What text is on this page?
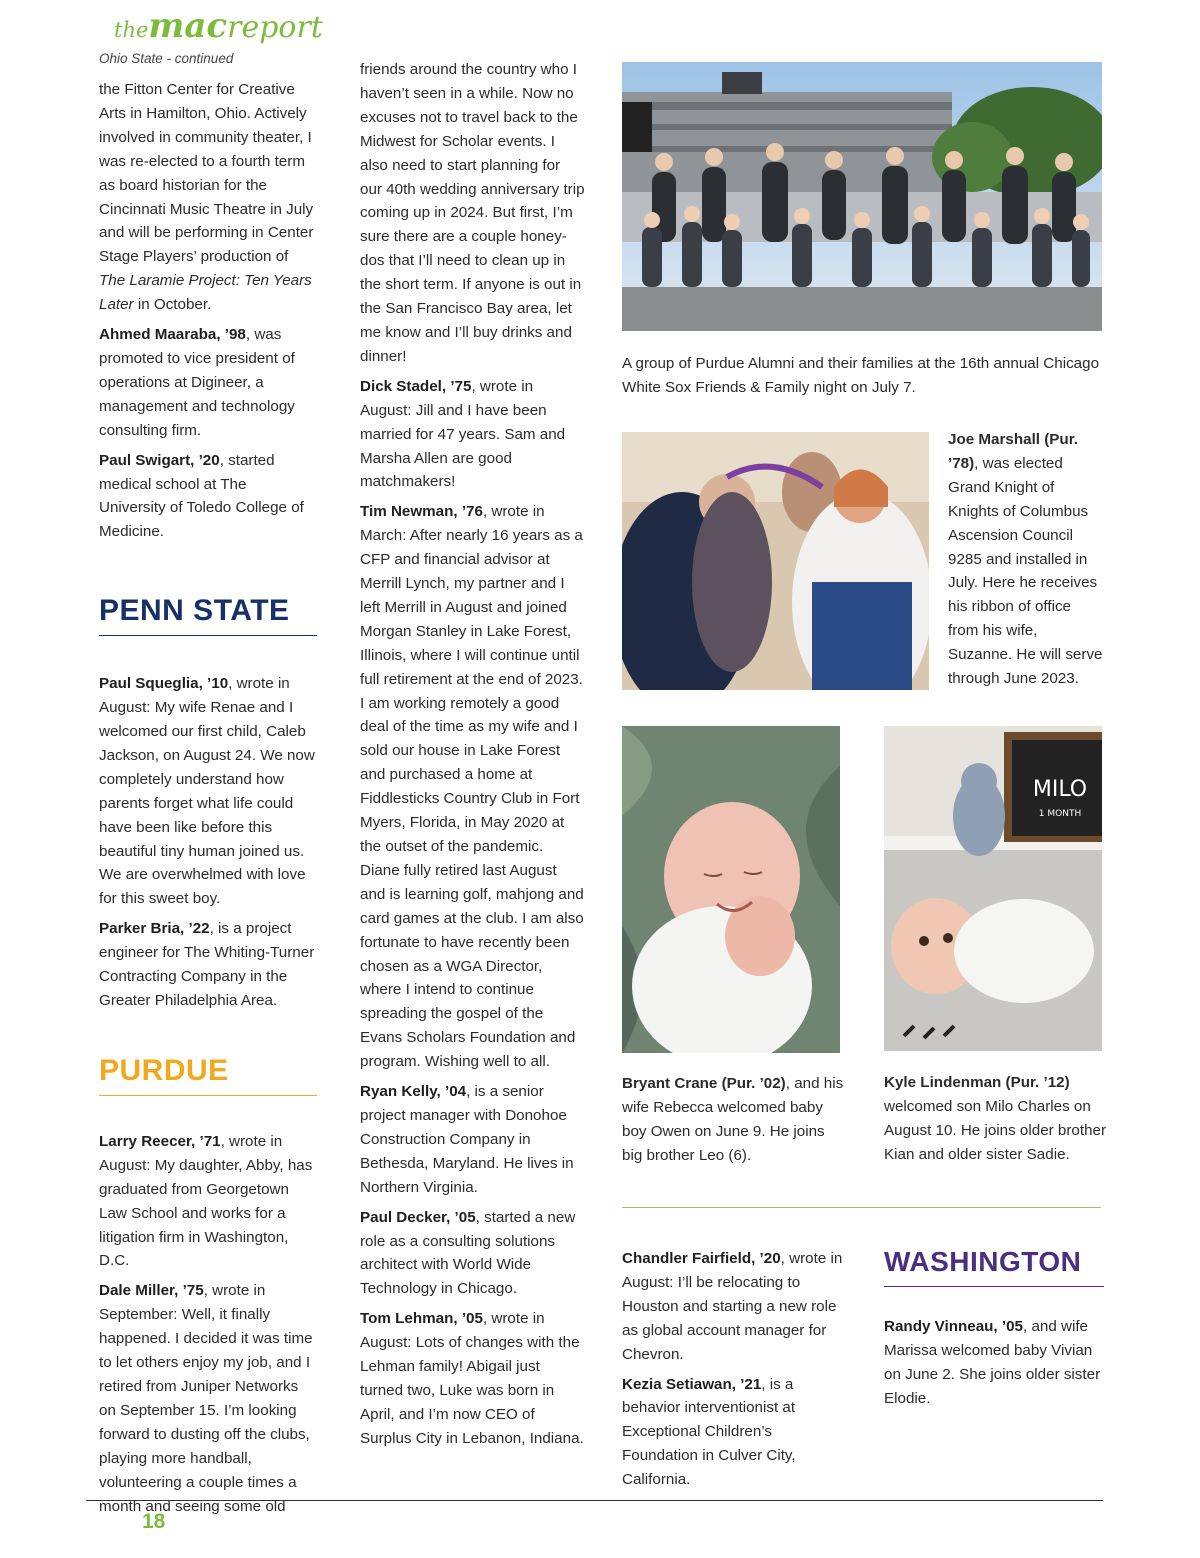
themacreport

Ohio State - continued

the Fitton Center for Creative Arts in Hamilton, Ohio. Actively involved in community theater, I was re-elected to a fourth term as board historian for the Cincinnati Music Theatre in July and will be performing in Center Stage Players’ production of The Laramie Project: Ten Years Later in October.

Ahmed Maaraba, ’98, was promoted to vice president of operations at Digineer, a management and technology consulting firm.

Paul Swigart, ’20, started medical school at The University of Toledo College of Medicine.

PENN STATE

Paul Squeglia, ’10, wrote in August: My wife Renae and I welcomed our first child, Caleb Jackson, on August 24. We now completely understand how parents forget what life could have been like before this beautiful tiny human joined us. We are overwhelmed with love for this sweet boy.

Parker Bria, ’22, is a project engineer for The Whiting-Turner Contracting Company in the Greater Philadelphia Area.

PURDUE

Larry Reecer, ’71, wrote in August: My daughter, Abby, has graduated from Georgetown Law School and works for a litigation firm in Washington, D.C.

Dale Miller, ’75, wrote in September: Well, it finally happened. I decided it was time to let others enjoy my job, and I retired from Juniper Networks on September 15. I’m looking forward to dusting off the clubs, playing more handball, volunteering a couple times a month and seeing some old

friends around the country who I haven’t seen in a while. Now no excuses not to travel back to the Midwest for Scholar events. I also need to start planning for our 40th wedding anniversary trip coming up in 2024. But first, I’m sure there are a couple honey-dos that I’ll need to clean up in the short term. If anyone is out in the San Francisco Bay area, let me know and I’ll buy drinks and dinner!

Dick Stadel, ’75, wrote in August: Jill and I have been married for 47 years. Sam and Marsha Allen are good matchmakers!

Tim Newman, ’76, wrote in March: After nearly 16 years as a CFP and financial advisor at Merrill Lynch, my partner and I left Merrill in August and joined Morgan Stanley in Lake Forest, Illinois, where I will continue until full retirement at the end of 2023. I am working remotely a good deal of the time as my wife and I sold our house in Lake Forest and purchased a home at Fiddlesticks Country Club in Fort Myers, Florida, in May 2020 at the outset of the pandemic. Diane fully retired last August and is learning golf, mahjong and card games at the club. I am also fortunate to have recently been chosen as a WGA Director, where I intend to continue spreading the gospel of the Evans Scholars Foundation and program. Wishing well to all.

Ryan Kelly, ’04, is a senior project manager with Donohoe Construction Company in Bethesda, Maryland. He lives in Northern Virginia.

Paul Decker, ’05, started a new role as a consulting solutions architect with World Wide Technology in Chicago.

Tom Lehman, ’05, wrote in August: Lots of changes with the Lehman family! Abigail just turned two, Luke was born in April, and I’m now CEO of Surplus City in Lebanon, Indiana.

A group of Purdue Alumni and their families at the 16th annual Chicago White Sox Friends & Family night on July 7.
Joe Marshall (Pur. ’78), was elected Grand Knight of Knights of Columbus Ascension Council 9285 and installed in July. Here he receives his ribbon of office from his wife, Suzanne. He will serve through June 2023.
Bryant Crane (Pur. ’02), and his wife Rebecca welcomed baby boy Owen on June 9. He joins big brother Leo (6).
MILO
1 MONTH
Kyle Lindenman (Pur. ’12) welcomed son Milo Charles on August 10. He joins older brother Kian and older sister Sadie.

Chandler Fairfield, ’20, wrote in August: I’ll be relocating to Houston and starting a new role as global account manager for Chevron.

Kezia Setiawan, ’21, is a behavior interventionist at Exceptional Children’s Foundation in Culver City, California.

WASHINGTON

Randy Vinneau, ’05, and wife Marissa welcomed baby Vivian on June 2. She joins older sister Elodie.

18
